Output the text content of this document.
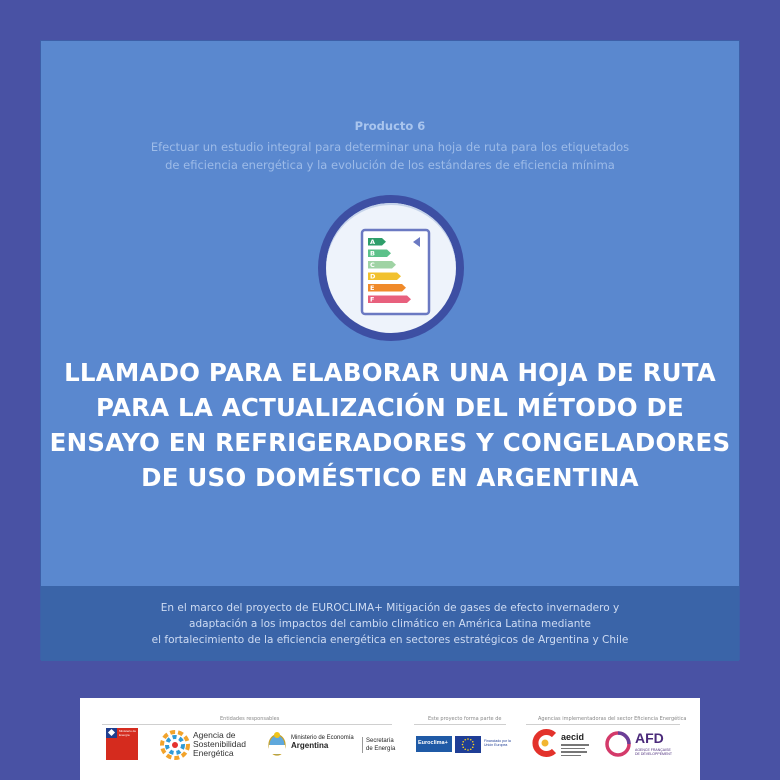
Producto 6
Efectuar un estudio integral para determinar una hoja de ruta para los etiquetados
de eficiencia energética y la evolución de los estándares de eficiencia mínima
A
B
C
D
E
F
LLAMADO PARA ELABORAR UNA HOJA DE RUTA
PARA LA ACTUALIZACIÓN DEL MÉTODO DE
ENSAYO EN REFRIGERADORES Y CONGELADORES
DE USO DOMÉSTICO EN ARGENTINA
En el marco del proyecto de EUROCLIMA+ Mitigación de gases de efecto invernadero y
adaptación a los impactos del cambio climático en América Latina mediante
el fortalecimiento de la eficiencia energética en sectores estratégicos de Argentina y Chile
Entidades responsables	Este proyecto forma parte de	Agencias implementadoras del sector Eficiencia Energética
Ministerio de Energía	Agencia de
Sostenibilidad
Energética
Ministerio de Economía
Argentina	Secretaría
de Energía
Euroclima+	Financiado por la Unión Europea
aecid	AFD
AGENCE FRANÇAISE DE DÉVELOPPEMENT
